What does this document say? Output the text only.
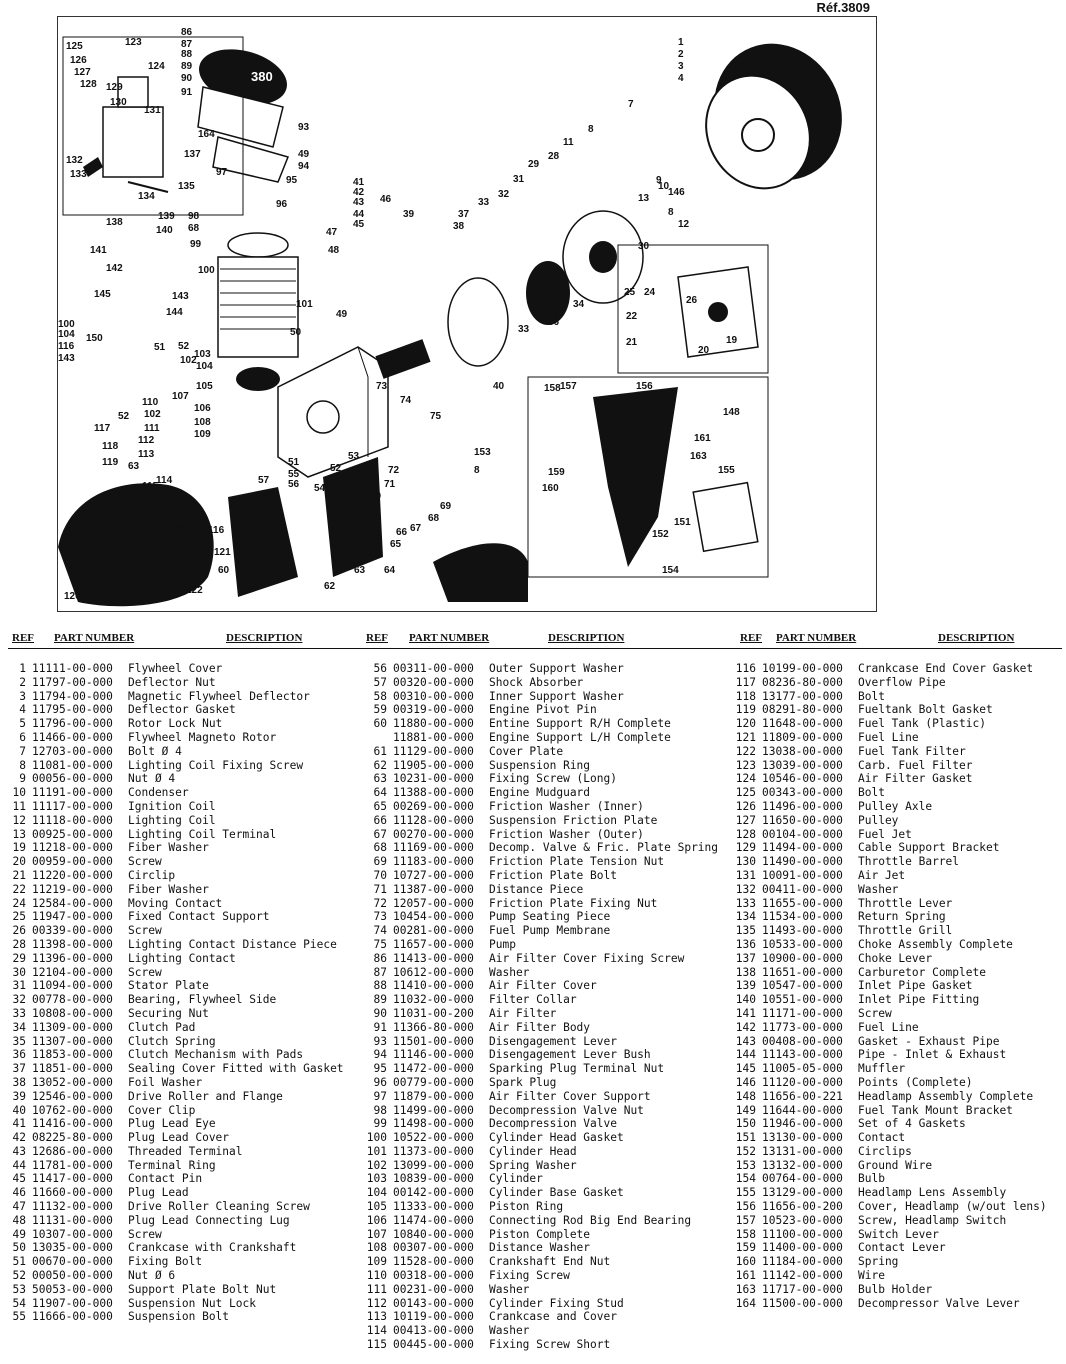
Réf.3809
380
1
2
3
4
7
8
11
29
31
32
33
39	37
38
30
12
34
36
33
40
86
87
88
89
90
91
93
49
94
95
97
96
98
68
99
100
101
41
42
43
44
45
46
47
48
49
50
123
125
126
127
128 129
130
124
131
164
137
132
133
135
134
138
139
140
141
142
143
144
145
100
104
116
143
150
51 52
102
103
104
105
107
106
108
109
110
102
111
112
113
117
118
119 63
115
114
52
102
51
116
121
60
122
120
57
58
59
61
62
63 64
51
55
56 54
52
53
53
54
70
71
72
73
74
75
65
66 67
68
69
153
8
158 157	156
148
161
163
155
159
160
151
152
154
25 24
22
21
26
19
20
146
9
10
13
8
28
REF PART NUMBER	DESCRIPTION	REF PART NUMBER	DESCRIPTION	REF PART NUMBER	DESCRIPTION
1 11111-00-000 Flywheel Cover
2 11797-00-000 Deflector Nut
3 11794-00-000 Magnetic Flywheel Deflector
4 11795-00-000 Deflector Gasket
5 11796-00-000 Rotor Lock Nut
6 11466-00-000 Flywheel Magneto Rotor
7 12703-00-000 Bolt Ø 4
8 11081-00-000 Lighting Coil Fixing Screw
9 00056-00-000 Nut Ø 4
10 11191-00-000 Condenser
11 11117-00-000 Ignition Coil
12 11118-00-000 Lighting Coil
13 00925-00-000 Lighting Coil Terminal
19 11218-00-000 Fiber Washer
20 00959-00-000 Screw
21 11220-00-000 Circlip
22 11219-00-000 Fiber Washer
24 12584-00-000 Moving Contact
25 11947-00-000 Fixed Contact Support
26 00339-00-000 Screw
28 11398-00-000 Lighting Contact Distance Piece
29 11396-00-000 Lighting Contact
30 12104-00-000 Screw
31 11094-00-000 Stator Plate
32 00778-00-000 Bearing, Flywheel Side
33 10808-00-000 Securing Nut
34 11309-00-000 Clutch Pad
35 11307-00-000 Clutch Spring
36 11853-00-000 Clutch Mechanism with Pads
37 11851-00-000 Sealing Cover Fitted with Gasket
38 13052-00-000 Foil Washer
39 12546-00-000 Drive Roller and Flange
40 10762-00-000 Cover Clip
41 11416-00-000 Plug Lead Eye
42 08225-80-000 Plug Lead Cover
43 12686-00-000 Threaded Terminal
44 11781-00-000 Terminal Ring
45 11417-00-000 Contact Pin
46 11660-00-000 Plug Lead
47 11132-00-000 Drive Roller Cleaning Screw
48 11131-00-000 Plug Lead Connecting Lug
49 10307-00-000 Screw
50 13035-00-000 Crankcase with Crankshaft
51 00670-00-000 Fixing Bolt
52 00050-00-000 Nut Ø 6
53 50053-00-000 Support Plate Bolt Nut
54 11907-00-000 Suspension Nut Lock
55 11666-00-000 Suspension Bolt
56 00311-00-000 Outer Support Washer
57 00320-00-000 Shock Absorber
58 00310-00-000 Inner Support Washer
59 00319-00-000 Engine Pivot Pin
60 11880-00-000 Entine Support R/H Complete
11881-00-000 Engine Support L/H Complete
61 11129-00-000 Cover Plate
62 11905-00-000 Suspension Ring
63 10231-00-000 Fixing Screw (Long)
64 11388-00-000 Engine Mudguard
65 00269-00-000 Friction Washer (Inner)
66 11128-00-000 Suspension Friction Plate
67 00270-00-000 Friction Washer (Outer)
68 11169-00-000 Decomp. Valve & Fric. Plate Spring
69 11183-00-000 Friction Plate Tension Nut
70 10727-00-000 Friction Plate Bolt
71 11387-00-000 Distance Piece
72 12057-00-000 Friction Plate Fixing Nut
73 10454-00-000 Pump Seating Piece
74 00281-00-000 Fuel Pump Membrane
75 11657-00-000 Pump
86 11413-00-000 Air Filter Cover Fixing Screw
87 10612-00-000 Washer
88 11410-00-000 Air Filter Cover
89 11032-00-000 Filter Collar
90 11031-00-200 Air Filter
91 11366-80-000 Air Filter Body
93 11501-00-000 Disengagement Lever
94 11146-00-000 Disengagement Lever Bush
95 11472-00-000 Sparking Plug Terminal Nut
96 00779-00-000 Spark Plug
97 11879-00-000 Air Filter Cover Support
98 11499-00-000 Decompression Valve Nut
99 11498-00-000 Decompression Valve
100 10522-00-000 Cylinder Head Gasket
101 11373-00-000 Cylinder Head
102 13099-00-000 Spring Washer
103 10839-00-000 Cylinder
104 00142-00-000 Cylinder Base Gasket
105 11333-00-000 Piston Ring
106 11474-00-000 Connecting Rod Big End Bearing
107 10840-00-000 Piston Complete
108 00307-00-000 Distance Washer
109 11528-00-000 Crankshaft End Nut
110 00318-00-000 Fixing Screw
111 00231-00-000 Washer
112 00143-00-000 Cylinder Fixing Stud
113 10119-00-000 Crankcase and Cover
114 00413-00-000 Washer
115 00445-00-000 Fixing Screw Short
116 10199-00-000 Crankcase End Cover Gasket
117 08236-80-000 Overflow Pipe
118 13177-00-000 Bolt
119 08291-80-000 Fueltank Bolt Gasket
120 11648-00-000 Fuel Tank (Plastic)
121 11809-00-000 Fuel Line
122 13038-00-000 Fuel Tank Filter
123 13039-00-000 Carb. Fuel Filter
124 10546-00-000 Air Filter Gasket
125 00343-00-000 Bolt
126 11496-00-000 Pulley Axle
127 11650-00-000 Pulley
128 00104-00-000 Fuel Jet
129 11494-00-000 Cable Support Bracket
130 11490-00-000 Throttle Barrel
131 10091-00-000 Air Jet
132 00411-00-000 Washer
133 11655-00-000 Throttle Lever
134 11534-00-000 Return Spring
135 11493-00-000 Throttle Grill
136 10533-00-000 Choke Assembly Complete
137 10900-00-000 Choke Lever
138 11651-00-000 Carburetor Complete
139 10547-00-000 Inlet Pipe Gasket
140 10551-00-000 Inlet Pipe Fitting
141 11171-00-000 Screw
142 11773-00-000 Fuel Line
143 00408-00-000 Gasket - Exhaust Pipe
144 11143-00-000 Pipe - Inlet & Exhaust
145 11005-05-000 Muffler
146 11120-00-000 Points (Complete)
148 11656-00-221 Headlamp Assembly Complete
149 11644-00-000 Fuel Tank Mount Bracket
150 11946-00-000 Set of 4 Gaskets
151 13130-00-000 Contact
152 13131-00-000 Circlips
153 13132-00-000 Ground Wire
154 00764-00-000 Bulb
155 13129-00-000 Headlamp Lens Assembly
156 11656-00-200 Cover, Headlamp (w/out lens)
157 10523-00-000 Screw, Headlamp Switch
158 11100-00-000 Switch Lever
159 11400-00-000 Contact Lever
160 11184-00-000 Spring
161 11142-00-000 Wire
163 11717-00-000 Bulb Holder
164 11500-00-000 Decompressor Valve Lever
